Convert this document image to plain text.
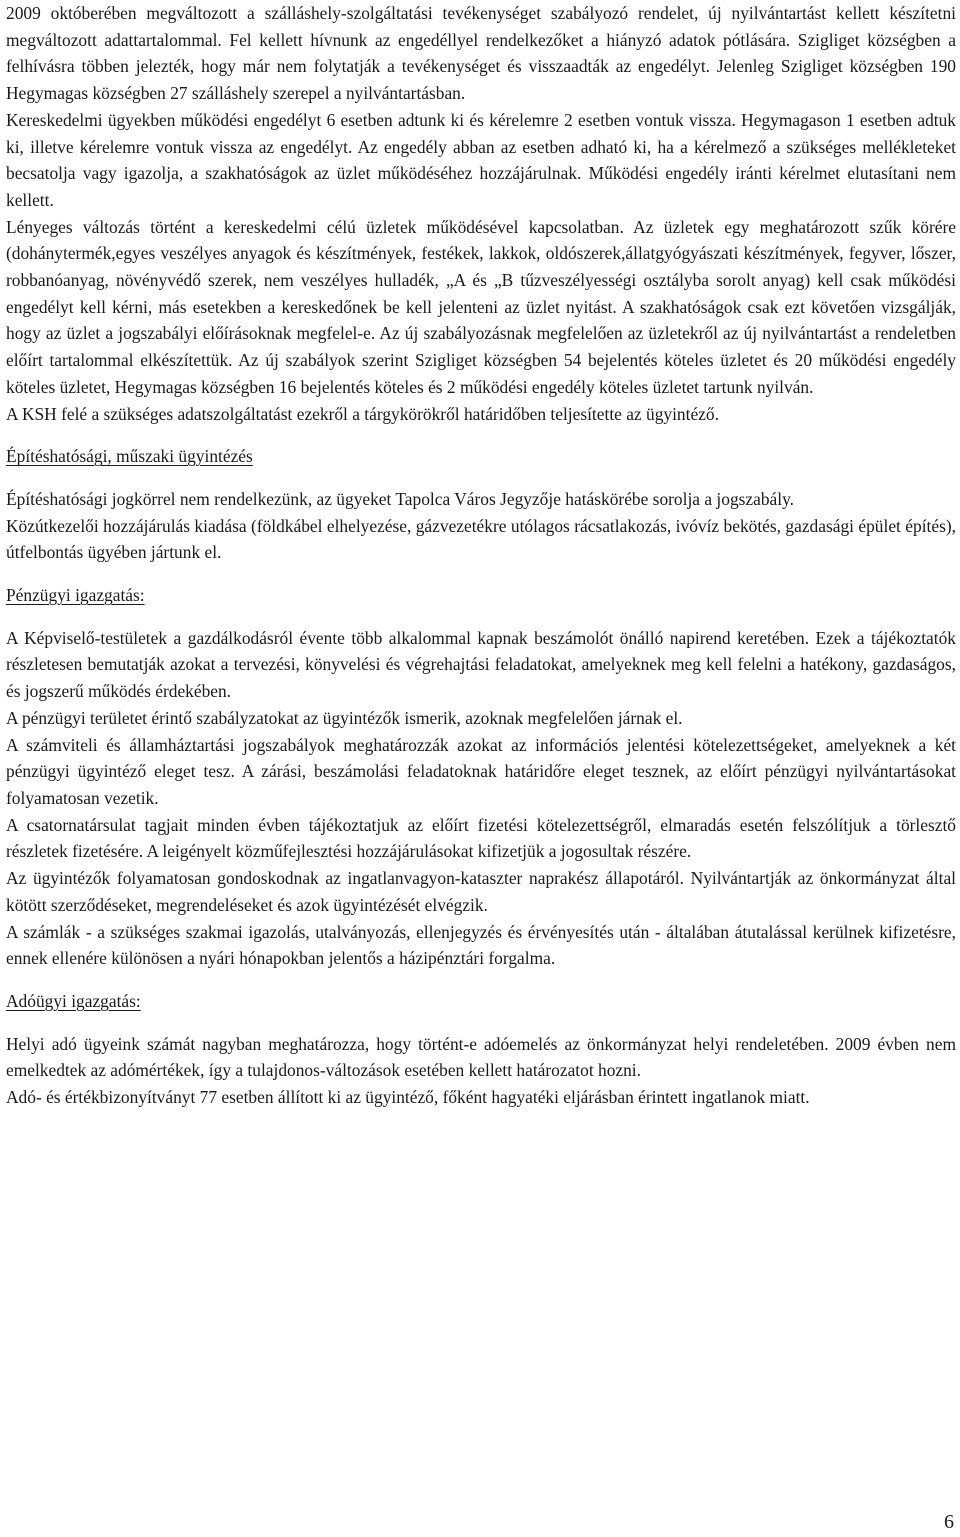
2009 októberében megváltozott a szálláshely-szolgáltatási tevékenységet szabályozó rendelet, új nyilvántartást kellett készítetni megváltozott adattartalommal. Fel kellett hívnunk az engedéllyel rendelkezőket a hiányzó adatok pótlására. Szigliget községben a felhívásra többen jelezték, hogy már nem folytatják a tevékenységet és visszaadták az engedélyt. Jelenleg Szigliget községben 190 Hegymagas községben 27 szálláshely szerepel a nyilvántartásban.

Kereskedelmi ügyekben működési engedélyt 6 esetben adtunk ki és kérelemre 2 esetben vontuk vissza. Hegymagason 1 esetben adtuk ki, illetve kérelemre vontuk vissza az engedélyt. Az engedély abban az esetben adható ki, ha a kérelmező a szükséges mellékleteket becsatolja vagy igazolja, a szakhatóságok az üzlet működéséhez hozzájárulnak. Működési engedély iránti kérelmet elutasítani nem kellett.

Lényeges változás történt a kereskedelmi célú üzletek működésével kapcsolatban. Az üzletek egy meghatározott szűk körére (dohánytermék,egyes veszélyes anyagok és készítmények, festékek, lakkok, oldószerek,állatgyógyászati készítmények, fegyver, lőszer, robbanóanyag, növényvédő szerek, nem veszélyes hulladék, „A és „B tűzveszélyességi osztályba sorolt anyag) kell csak működési engedélyt kell kérni, más esetekben a kereskedőnek be kell jelenteni az üzlet nyitást. A szakhatóságok csak ezt követően vizsgálják, hogy az üzlet a jogszabályi előírásoknak megfelel-e. Az új szabályozásnak megfelelően az üzletekről az új nyilvántartást a rendeletben előírt tartalommal elkészítettük. Az új szabályok szerint Szigliget községben 54 bejelentés köteles üzletet és 20 működési engedély köteles üzletet, Hegymagas községben 16 bejelentés köteles és 2 működési engedély köteles üzletet tartunk nyilván.

A KSH felé a szükséges adatszolgáltatást ezekről a tárgykörökről határidőben teljesítette az ügyintéző.

Építéshatósági, műszaki ügyintézés

Építéshatósági jogkörrel nem rendelkezünk, az ügyeket Tapolca Város Jegyzője hatáskörébe sorolja a jogszabály.

Közútkezelői hozzájárulás kiadása (földkábel elhelyezése, gázvezetékre utólagos rácsatlakozás, ivóvíz bekötés, gazdasági épület építés), útfelbontás ügyében jártunk el.

Pénzügyi igazgatás:

A Képviselő-testületek a gazdálkodásról évente több alkalommal kapnak beszámolót önálló napirend keretében. Ezek a tájékoztatók részletesen bemutatják azokat a tervezési, könyvelési és végrehajtási feladatokat, amelyeknek meg kell felelni a hatékony, gazdaságos, és jogszerű működés érdekében.

A pénzügyi területet érintő szabályzatokat az ügyintézők ismerik, azoknak megfelelően járnak el.

A számviteli és államháztartási jogszabályok meghatározzák azokat az információs jelentési kötelezettségeket, amelyeknek a két pénzügyi ügyintéző eleget tesz. A zárási, beszámolási feladatoknak határidőre eleget tesznek, az előírt pénzügyi nyilvántartásokat folyamatosan vezetik.

A csatornatársulat tagjait minden évben tájékoztatjuk az előírt fizetési kötelezettségről, elmaradás esetén felszólítjuk a törlesztő részletek fizetésére. A leigényelt közműfejlesztési hozzájárulásokat kifizetjük a jogosultak részére.

Az ügyintézők folyamatosan gondoskodnak az ingatlanvagyon-kataszter naprakész állapotáról. Nyilvántartják az önkormányzat által kötött szerződéseket, megrendeléseket és azok ügyintézését elvégzik.

A számlák - a szükséges szakmai igazolás, utalványozás, ellenjegyzés és érvényesítés után - általában átutalással kerülnek kifizetésre, ennek ellenére különösen a nyári hónapokban jelentős a házipénztári forgalma.

Adóügyi igazgatás:

Helyi adó ügyeink számát nagyban meghatározza, hogy történt-e adóemelés az önkormányzat helyi rendeletében. 2009 évben nem emelkedtek az adómértékek, így a tulajdonos-változások esetében kellett határozatot hozni.

Adó- és értékbizonyítványt 77 esetben állított ki az ügyintéző, főként hagyatéki eljárásban érintett ingatlanok miatt.

6
